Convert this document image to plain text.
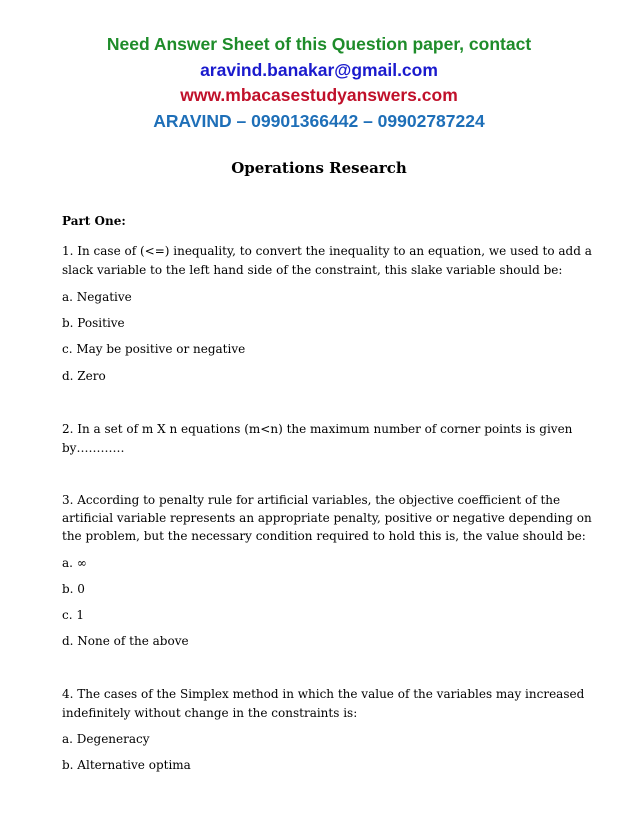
Need Answer Sheet of this Question paper, contact
aravind.banakar@gmail.com
www.mbacasestudyanswers.com
ARAVIND – 09901366442 – 09902787224
Operations Research
Part One:
1. In case of (<=) inequality, to convert the inequality to an equation, we used to add a
slack variable to the left hand side of the constraint, this slake variable should be:
a. Negative
b. Positive
c. May be positive or negative
d. Zero
2. In a set of m X n equations (m<n) the maximum number of corner points is given
by…………
3. According to penalty rule for artificial variables, the objective coefficient of the
artificial variable represents an appropriate penalty, positive or negative depending on
the problem, but the necessary condition required to hold this is, the value should be:
a. ∞
b. 0
c. 1
d. None of the above
4. The cases of the Simplex method in which the value of the variables may increased
indefinitely without change in the constraints is:
a. Degeneracy
b. Alternative optima
